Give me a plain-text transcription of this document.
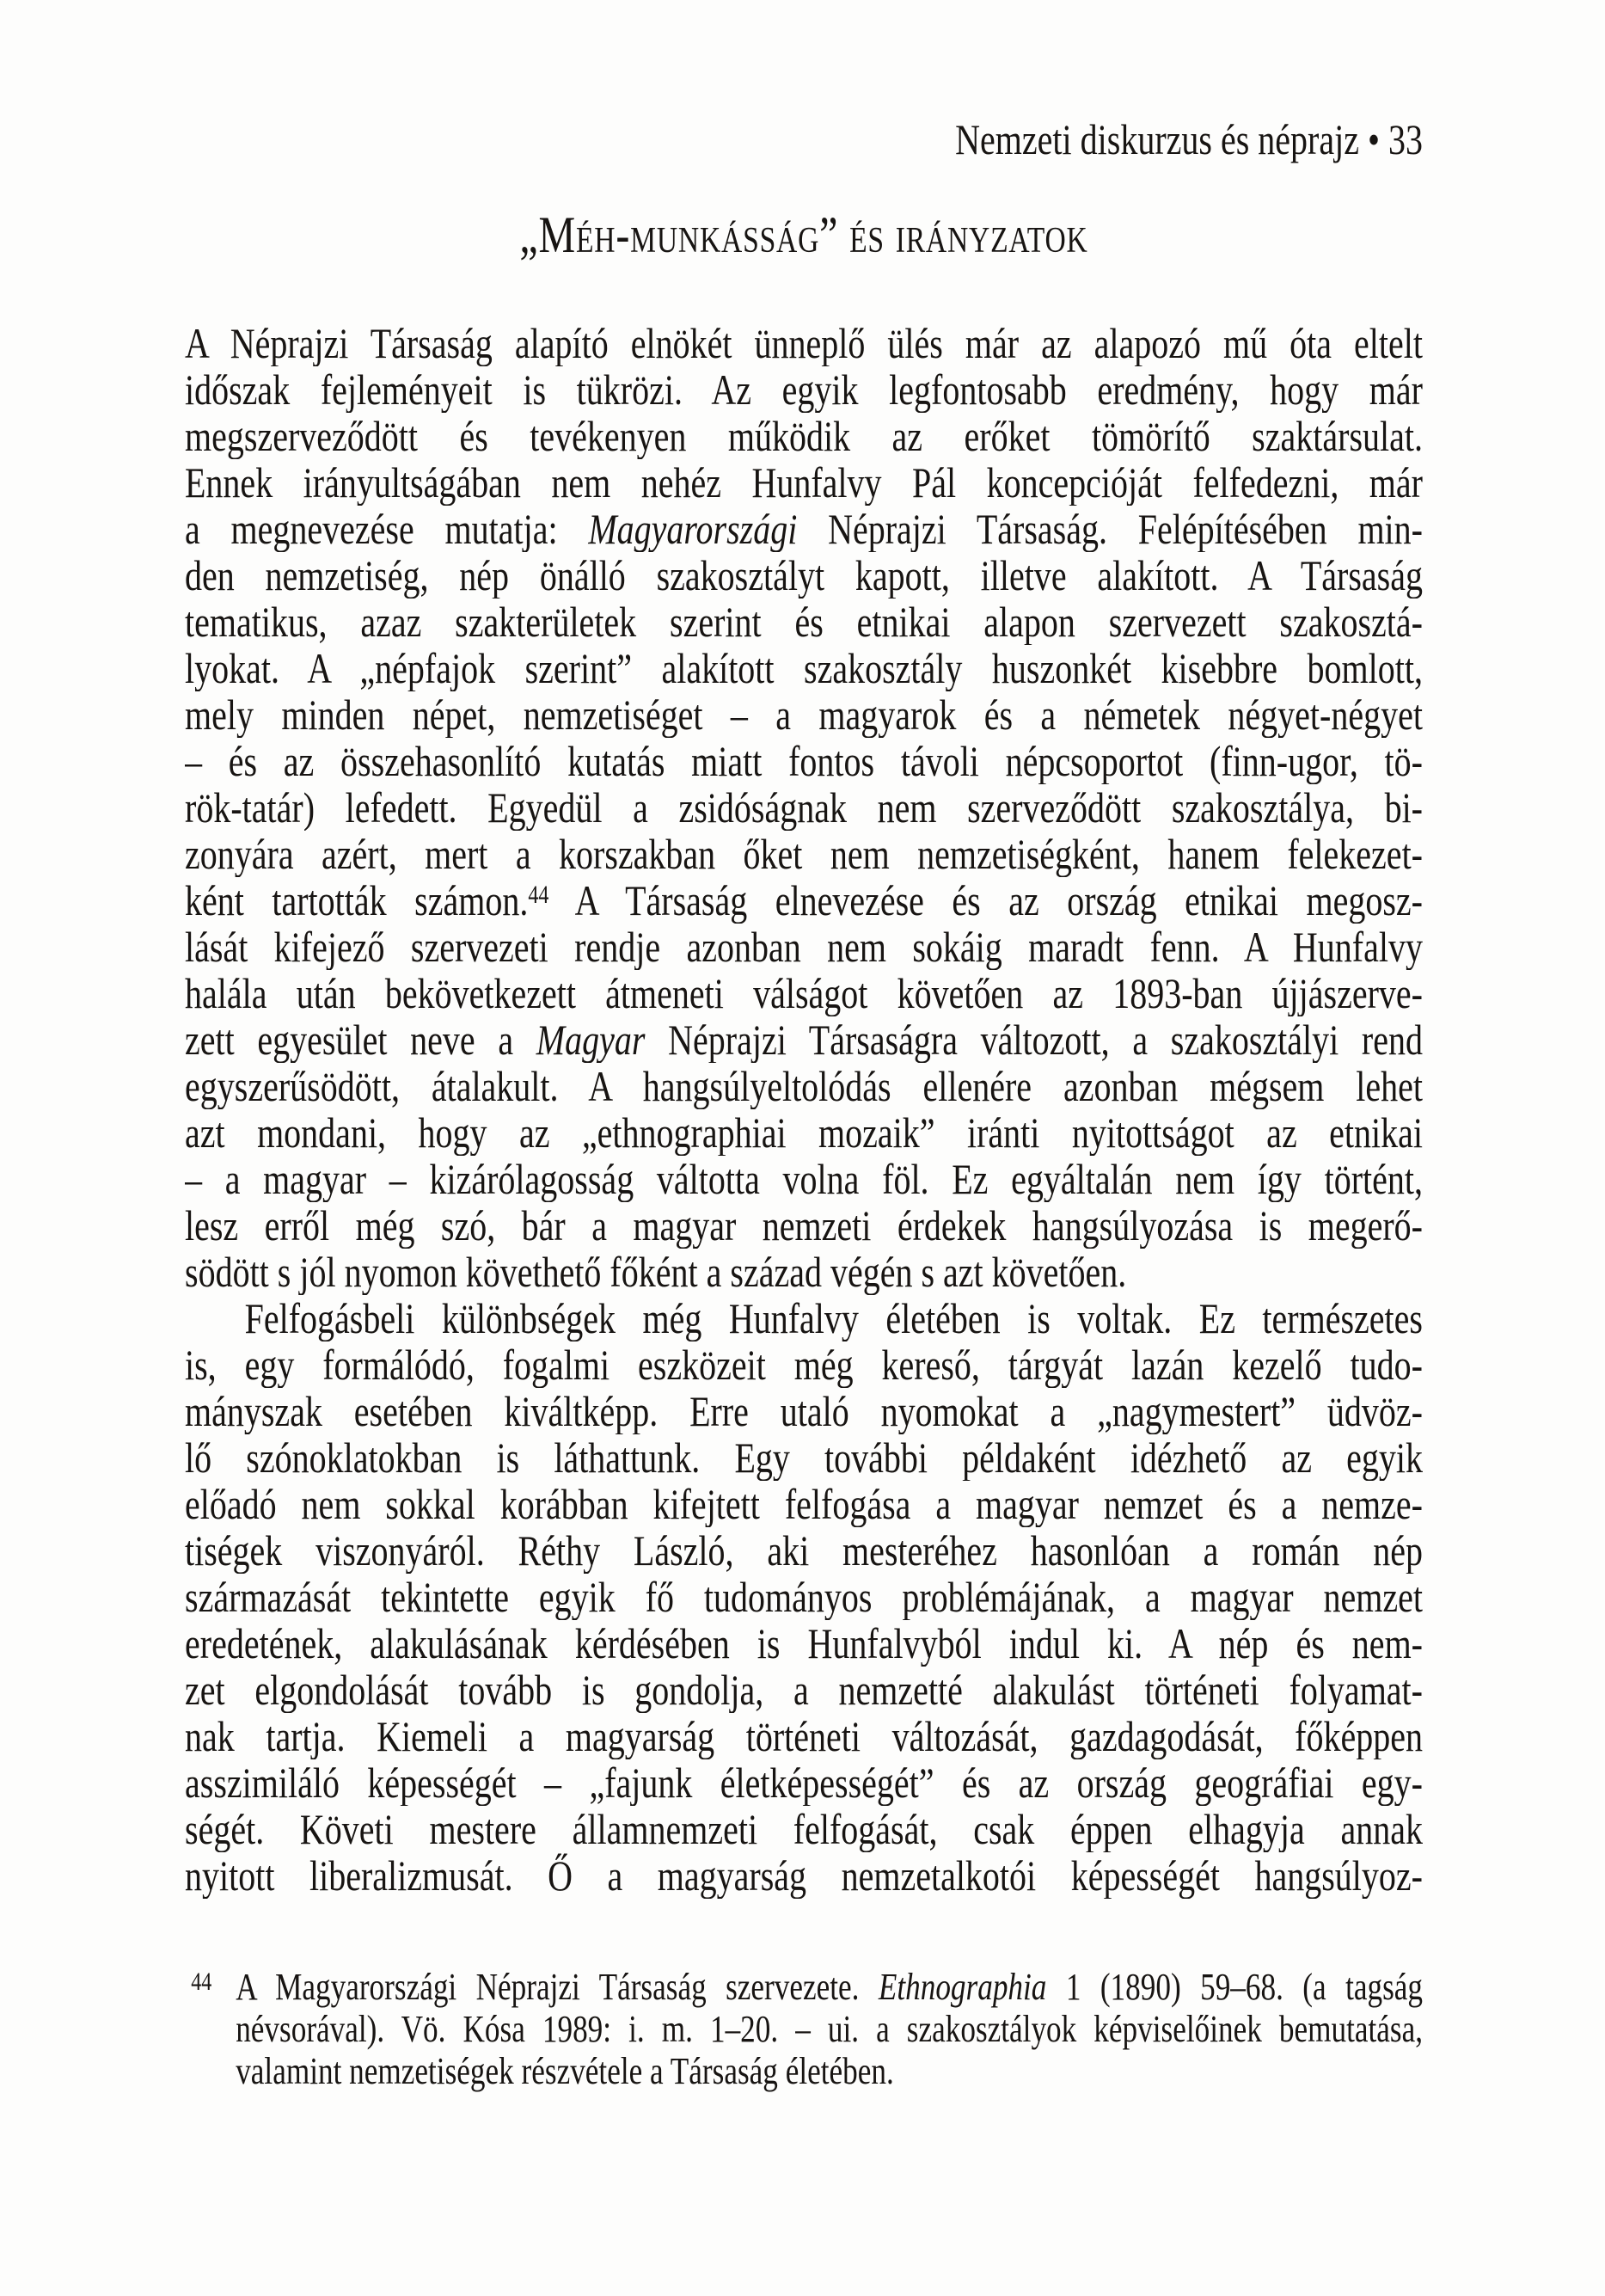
Nemzeti diskurzus és néprajz • 33
„Méh-munkásság” és irányzatok
A Néprajzi Társaság alapító elnökét ünneplő ülés már az alapozó mű óta eltelt
időszak fejleményeit is tükrözi. Az egyik legfontosabb eredmény, hogy már
megszerveződött és tevékenyen működik az erőket tömörítő szaktársulat.
Ennek irányultságában nem nehéz Hunfalvy Pál koncepcióját felfedezni, már
a megnevezése mutatja: Magyarországi Néprajzi Társaság. Felépítésében min-
den nemzetiség, nép önálló szakosztályt kapott, illetve alakított. A Társaság
tematikus, azaz szakterületek szerint és etnikai alapon szervezett szakosztá-
lyokat. A „népfajok szerint” alakított szakosztály huszonkét kisebbre bomlott,
mely minden népet, nemzetiséget – a magyarok és a németek négyet-négyet
– és az összehasonlító kutatás miatt fontos távoli népcsoportot (finn-ugor, tö-
rök-tatár) lefedett. Egyedül a zsidóságnak nem szerveződött szakosztálya, bi-
zonyára azért, mert a korszakban őket nem nemzetiségként, hanem felekezet-
ként tartották számon.$^{44}$ A Társaság elnevezése és az ország etnikai megosz-
lását kifejező szervezeti rendje azonban nem sokáig maradt fenn. A Hunfalvy
halála után bekövetkezett átmeneti válságot követően az 1893-ban újjászerve-
zett egyesület neve a Magyar Néprajzi Társaságra változott, a szakosztályi rend
egyszerűsödött, átalakult. A hangsúlyeltolódás ellenére azonban mégsem lehet
azt mondani, hogy az „ethnographiai mozaik” iránti nyitottságot az etnikai
– a magyar – kizárólagosság váltotta volna föl. Ez egyáltalán nem így történt,
lesz erről még szó, bár a magyar nemzeti érdekek hangsúlyozása is megerő-
södött s jól nyomon követhető főként a század végén s azt követően.
Felfogásbeli különbségek még Hunfalvy életében is voltak. Ez természetes
is, egy formálódó, fogalmi eszközeit még kereső, tárgyát lazán kezelő tudo-
mányszak esetében kiváltképp. Erre utaló nyomokat a „nagymestert” üdvöz-
lő szónoklatokban is láthattunk. Egy további példaként idézhető az egyik
előadó nem sokkal korábban kifejtett felfogása a magyar nemzet és a nemze-
tiségek viszonyáról. Réthy László, aki mesteréhez hasonlóan a román nép
származását tekintette egyik fő tudományos problémájának, a magyar nemzet
eredetének, alakulásának kérdésében is Hunfalvyból indul ki. A nép és nem-
zet elgondolását tovább is gondolja, a nemzetté alakulást történeti folyamat-
nak tartja. Kiemeli a magyarság történeti változását, gazdagodását, főképpen
asszimiláló képességét – „fajunk életképességét” és az ország geográfiai egy-
ségét. Követi mestere államnemzeti felfogását, csak éppen elhagyja annak
nyitott liberalizmusát. Ő a magyarság nemzetalkotói képességét hangsúlyoz-
44 A Magyarországi Néprajzi Társaság szervezete. Ethnographia 1 (1890) 59–68. (a tagság
névsorával). Vö. Kósa 1989: i. m. 1–20. – ui. a szakosztályok képviselőinek bemutatása,
valamint nemzetiségek részvétele a Társaság életében.
